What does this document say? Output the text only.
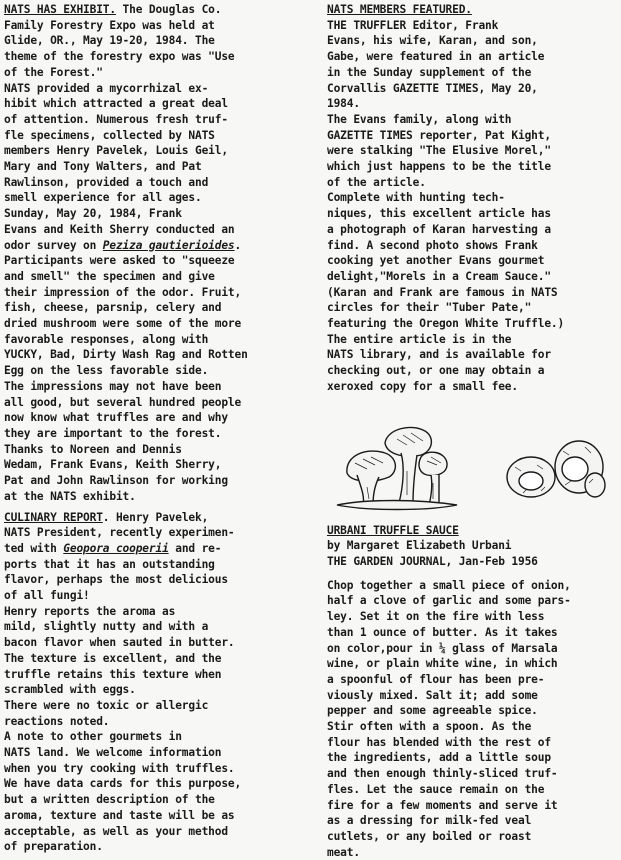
NATS HAS EXHIBIT. The Douglas Co.

Family Forestry Expo was held at

Glide, OR., May 19-20, 1984. The

theme of the forestry expo was "Use

of the Forest."

NATS provided a mycorrhizal ex-

hibit which attracted a great deal

of attention. Numerous fresh truf-

fle specimens, collected by NATS

members Henry Pavelek, Louis Geil,

Mary and Tony Walters, and Pat

Rawlinson, provided a touch and

smell experience for all ages.

Sunday, May 20, 1984, Frank

Evans and Keith Sherry conducted an

odor survey on Peziza gautierioides.

Participants were asked to "squeeze

and smell" the specimen and give

their impression of the odor. Fruit,

fish, cheese, parsnip, celery and

dried mushroom were some of the more

favorable responses, along with

YUCKY, Bad, Dirty Wash Rag and Rotten

Egg on the less favorable side.

The impressions may not have been

all good, but several hundred people

now know what truffles are and why

they are important to the forest.

Thanks to Noreen and Dennis

Wedam, Frank Evans, Keith Sherry,

Pat and John Rawlinson for working

at the NATS exhibit.

CULINARY REPORT. Henry Pavelek,

NATS President, recently experimen-

ted with Geopora cooperii and re-

ports that it has an outstanding

flavor, perhaps the most delicious

of all fungi!

Henry reports the aroma as

mild, slightly nutty and with a

bacon flavor when sauted in butter.

The texture is excellent, and the

truffle retains this texture when

scrambled with eggs.

There were no toxic or allergic

reactions noted.

A note to other gourmets in

NATS land. We welcome information

when you try cooking with truffles.

We have data cards for this purpose,

but a written description of the

aroma, texture and taste will be as

acceptable, as well as your method

of preparation.

NATS MEMBERS FEATURED.

THE TRUFFLER Editor, Frank

Evans, his wife, Karan, and son,

Gabe, were featured in an article

in the Sunday supplement of the

Corvallis GAZETTE TIMES, May 20,

1984.

The Evans family, along with

GAZETTE TIMES reporter, Pat Kight,

were stalking "The Elusive Morel,"

which just happens to be the title

of the article.

Complete with hunting tech-

niques, this excellent article has

a photograph of Karan harvesting a

find. A second photo shows Frank

cooking yet another Evans gourmet

delight,"Morels in a Cream Sauce."

(Karan and Frank are famous in NATS

circles for their "Tuber Pate,"

featuring the Oregon White Truffle.)

The entire article is in the

NATS library, and is available for

checking out, or one may obtain a

xeroxed copy for a small fee.

URBANI TRUFFLE SAUCE

by Margaret Elizabeth Urbani

THE GARDEN JOURNAL, Jan-Feb 1956

Chop together a small piece of onion,

half a clove of garlic and some pars-

ley. Set it on the fire with less

than 1 ounce of butter. As it takes

on color,pour in ¼ glass of Marsala

wine, or plain white wine, in which

a spoonful of flour has been pre-

viously mixed. Salt it; add some

pepper and some agreeable spice.

Stir often with a spoon. As the

flour has blended with the rest of

the ingredients, add a little soup

and then enough thinly-sliced truf-

fles. Let the sauce remain on the

fire for a few moments and serve it

as a dressing for milk-fed veal

cutlets, or any boiled or roast

meat.
